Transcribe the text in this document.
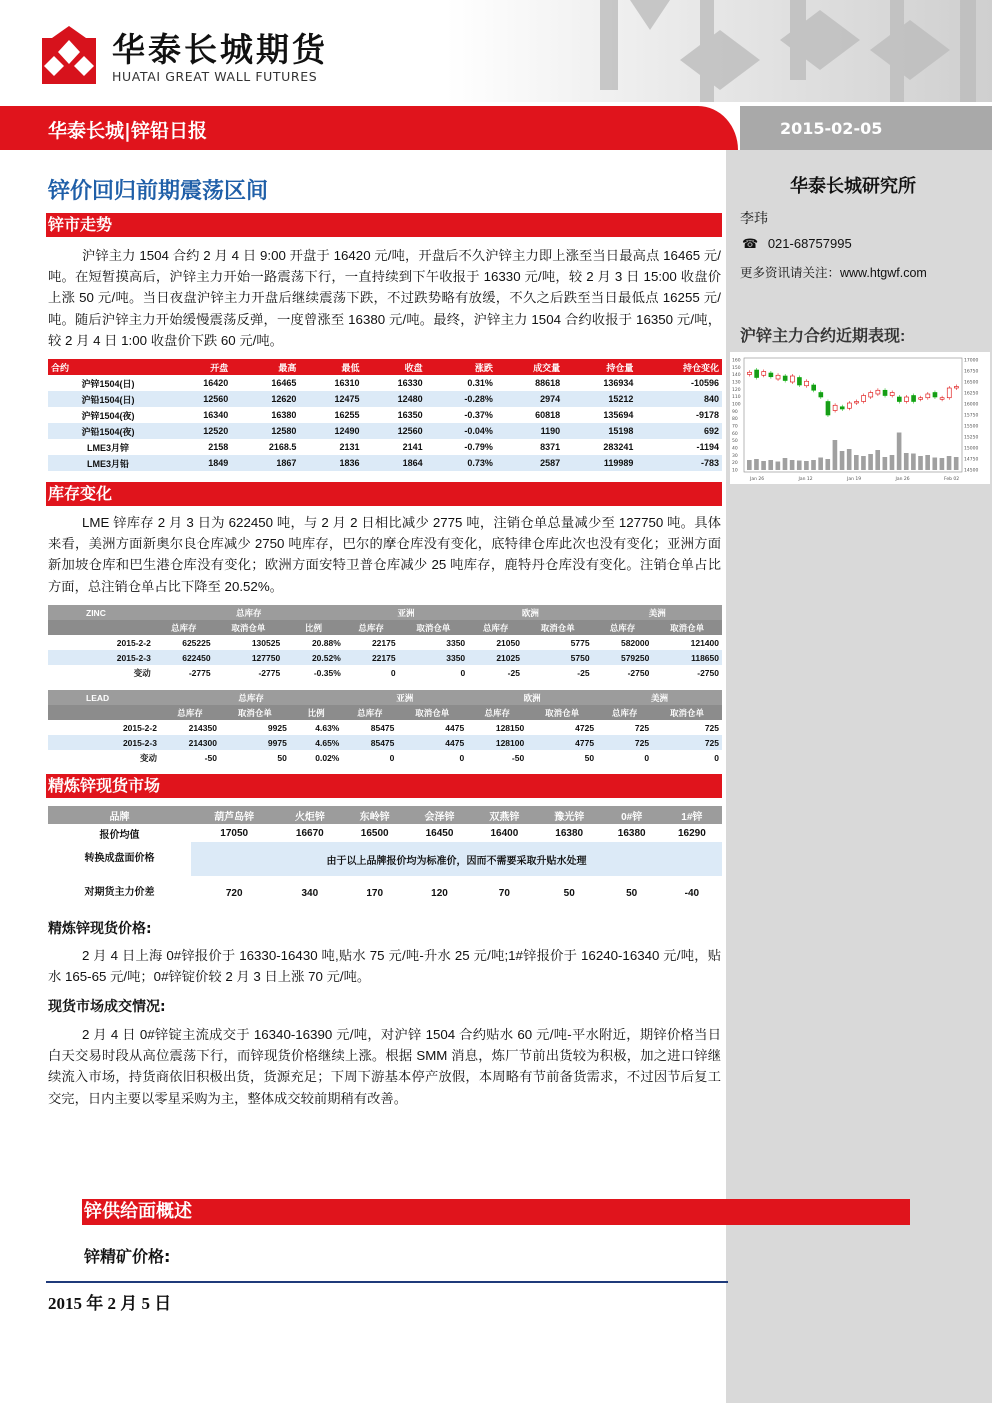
华泰长城期货
HUATAI GREAT WALL FUTURES
华泰长城|锌铅日报	2015-02-05
华泰长城研究所
李玮
☎ 021-68757995
更多资讯请关注：www.htgwf.com
沪锌主力合约近期表现:
160
150
140
130
120
110
100
90
80
70
60
50
40
30
20
10
17000
16750
16500
16250
16000
15750
15500
15250
15000
14750
14500
Jan 26	Jan 12	Jan 19	Jan 26	Feb 02
锌价回归前期震荡区间
锌市走势
沪锌主力 1504 合约 2 月 4 日 9:00 开盘于 16420 元/吨，开盘后不久沪锌主力即上涨至当日最高点 16465 元/吨。在短暂摸高后，沪锌主力开始一路震荡下行，一直持续到下午收报于 16330 元/吨，较 2 月 3 日 15:00 收盘价上涨 50 元/吨。当日夜盘沪锌主力开盘后继续震荡下跌，不过跌势略有放缓，不久之后跌至当日最低点 16255 元/吨。随后沪锌主力开始缓慢震荡反弹，一度曾涨至 16380 元/吨。最终，沪锌主力 1504 合约收报于 16350 元/吨，较 2 月 4 日 1:00 收盘价下跌 60 元/吨。
合约	开盘	最高	最低	收盘	涨跌	成交量	持仓量	持仓变化
沪锌1504(日)	16420	16465	16310	16330	0.31%	88618	136934	-10596
沪铅1504(日)	12560	12620	12475	12480	-0.28%	2974	15212	840
沪锌1504(夜)	16340	16380	16255	16350	-0.37%	60818	135694	-9178
沪铅1504(夜)	12520	12580	12490	12560	-0.04%	1190	15198	692
LME3月锌	2158	2168.5	2131	2141	-0.79%	8371	283241	-1194
LME3月铅	1849	1867	1836	1864	0.73%	2587	119989	-783
库存变化
LME 锌库存 2 月 3 日为 622450 吨，与 2 月 2 日相比减少 2775 吨，注销仓单总量减少至 127750 吨。具体来看，美洲方面新奥尔良仓库减少 2750 吨库存，巴尔的摩仓库没有变化，底特律仓库此次也没有变化；亚洲方面新加坡仓库和巴生港仓库没有变化；欧洲方面安特卫普仓库减少 25 吨库存，鹿特丹仓库没有变化。注销仓单占比方面，总注销仓单占比下降至 20.52%。
ZINC	总库存			亚洲		欧洲		美洲	
	总库存	取消仓单	比例	总库存	取消仓单	总库存	取消仓单	总库存	取消仓单
2015-2-2	625225	130525	20.88%	22175	3350	21050	5775	582000	121400
2015-2-3	622450	127750	20.52%	22175	3350	21025	5750	579250	118650
变动	-2775	-2775	-0.35%	0	0	-25	-25	-2750	-2750
LEAD	总库存			亚洲		欧洲		美洲	
	总库存	取消仓单	比例	总库存	取消仓单	总库存	取消仓单	总库存	取消仓单
2015-2-2	214350	9925	4.63%	85475	4475	128150	4725	725	725
2015-2-3	214300	9975	4.65%	85475	4475	128100	4775	725	725
变动	-50	50	0.02%	0	0	-50	50	0	0
精炼锌现货市场
品牌	葫芦岛锌	火炬锌	东岭锌	会泽锌	双燕锌	豫光锌	0#锌	1#锌
报价均值	17050	16670	16500	16450	16400	16380	16380	16290
转换成盘面价格	由于以上品牌报价均为标准价，因而不需要采取升贴水处理							
对期货主力价差	720	340	170	120	70	50	50	-40
精炼锌现货价格:
2 月 4 日上海 0#锌报价于 16330-16430 吨,贴水 75 元/吨-升水 25 元/吨;1#锌报价于 16240-16340 元/吨，贴水 165-65 元/吨；0#锌锭价较 2 月 3 日上涨 70 元/吨。
现货市场成交情况:
2 月 4 日 0#锌锭主流成交于 16340-16390 元/吨，对沪锌 1504 合约贴水 60 元/吨-平水附近，期锌价格当日白天交易时段从高位震荡下行，而锌现货价格继续上涨。根据 SMM 消息，炼厂节前出货较为积极，加之进口锌继续流入市场，持货商依旧积极出货，货源充足；下周下游基本停产放假，本周略有节前备货需求，不过因节后复工交完，日内主要以零星采购为主，整体成交较前期稍有改善。
锌供给面概述
锌精矿价格:
2015 年 2 月 5 日
